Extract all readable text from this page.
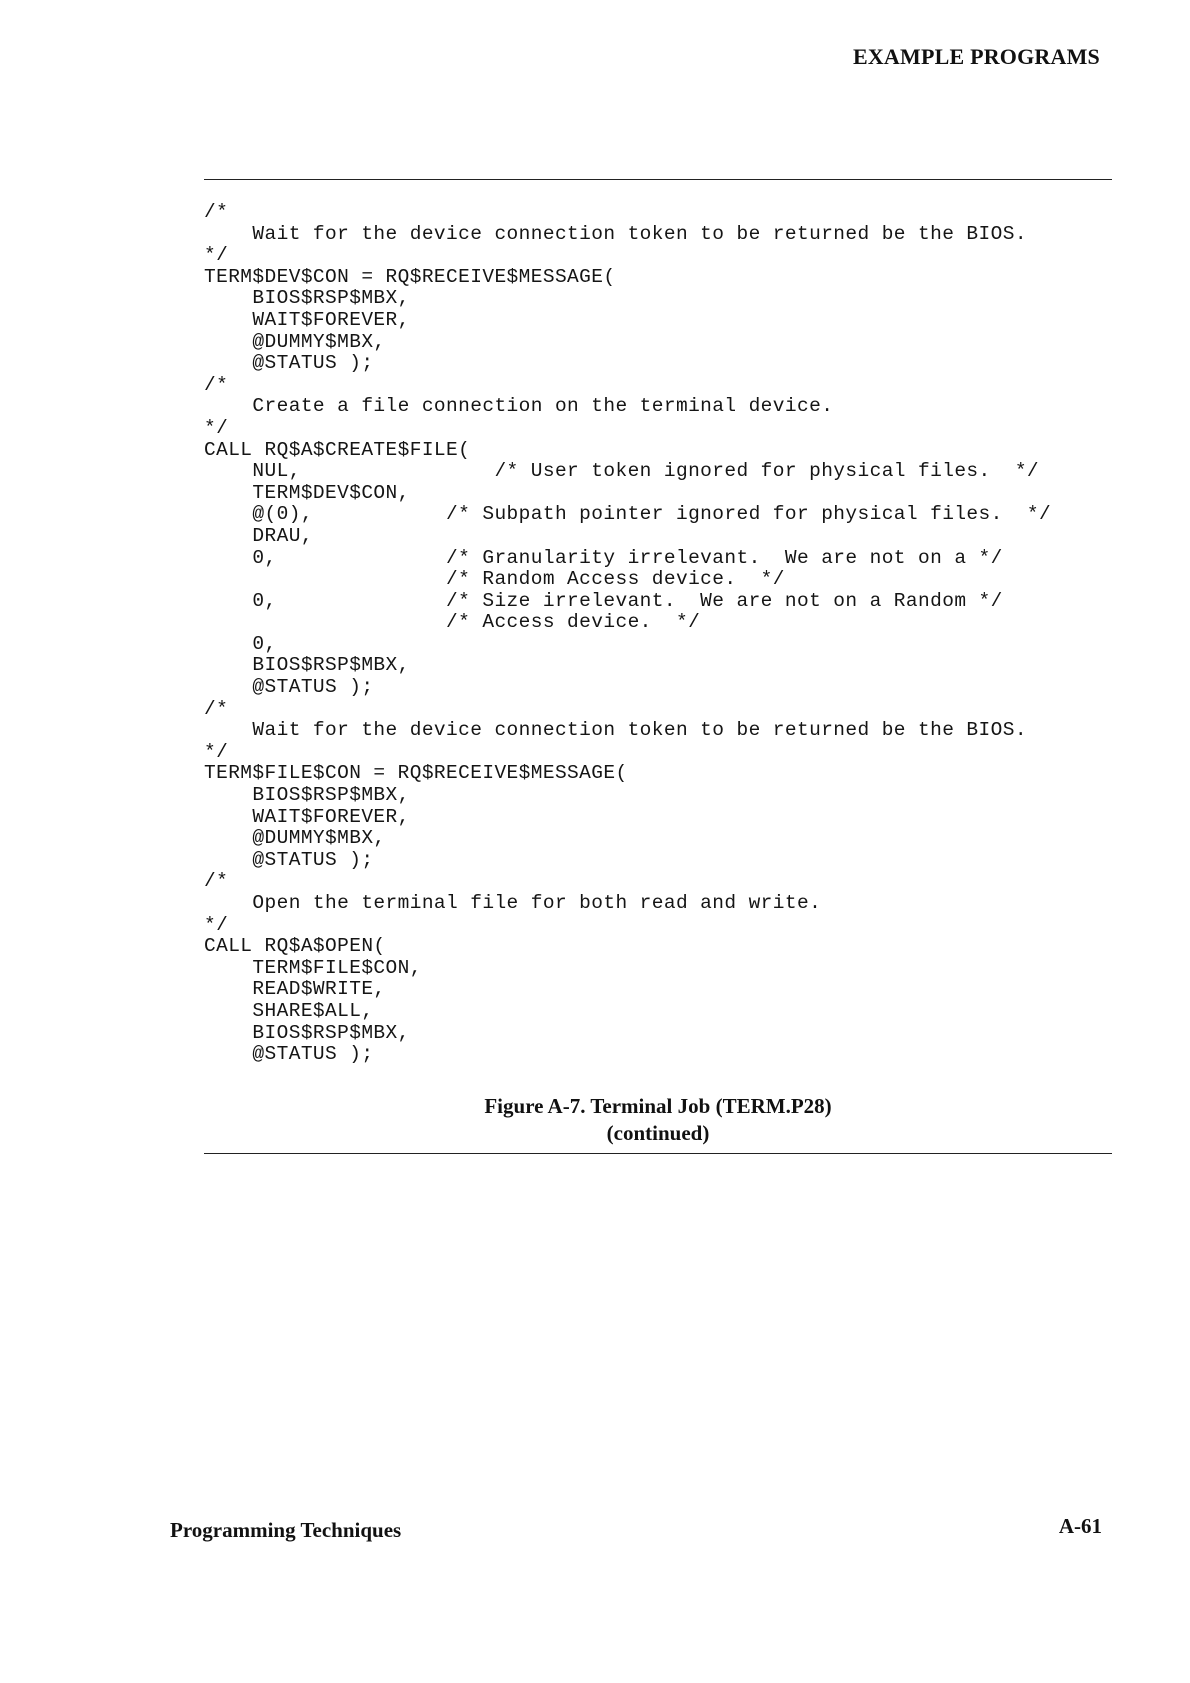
EXAMPLE PROGRAMS
/*
Wait for the device connection token to be returned be the BIOS.
*/
TERM$DEV$CON = RQ$RECEIVE$MESSAGE(
BIOS$RSP$MBX,
WAIT$FOREVER,
@DUMMY$MBX,
@STATUS );
/*
Create a file connection on the terminal device.
*/
CALL RQ$A$CREATE$FILE(
NUL,                /* User token ignored for physical files.  */
TERM$DEV$CON,
@(0),           /* Subpath pointer ignored for physical files.  */
DRAU,
0,              /* Granularity irrelevant.  We are not on a */
/* Random Access device.  */
0,              /* Size irrelevant.  We are not on a Random */
/* Access device.  */
0,
BIOS$RSP$MBX,
@STATUS );
/*
Wait for the device connection token to be returned be the BIOS.
*/
TERM$FILE$CON = RQ$RECEIVE$MESSAGE(
BIOS$RSP$MBX,
WAIT$FOREVER,
@DUMMY$MBX,
@STATUS );
/*
Open the terminal file for both read and write.
*/
CALL RQ$A$OPEN(
TERM$FILE$CON,
READ$WRITE,
SHARE$ALL,
BIOS$RSP$MBX,
@STATUS );
Figure A-7. Terminal Job (TERM.P28)
(continued)
Programming Techniques	A-61
